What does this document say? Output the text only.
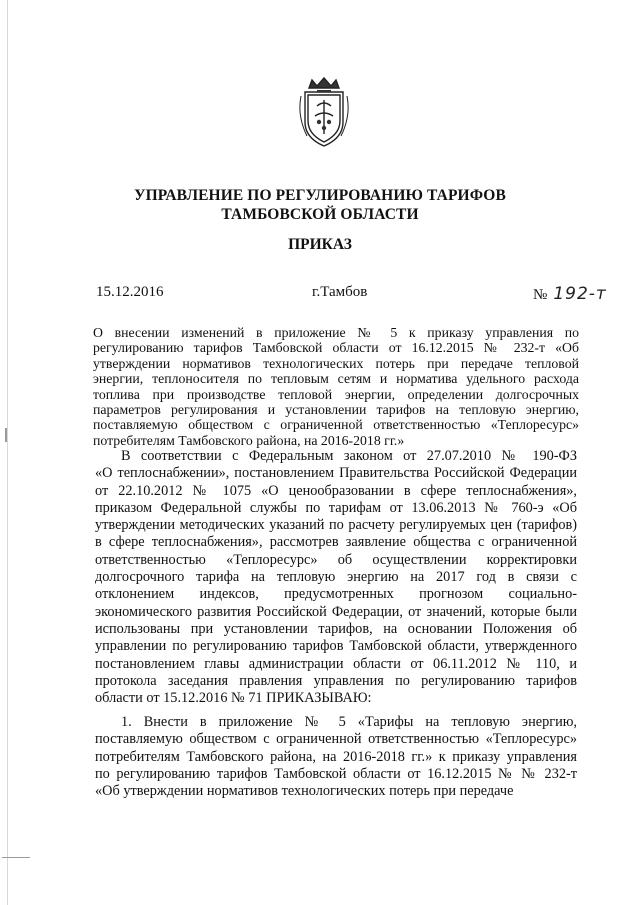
УПРАВЛЕНИЕ ПО РЕГУЛИРОВАНИЮ ТАРИФОВ
ТАМБОВСКОЙ ОБЛАСТИ
ПРИКАЗ
15.12.2016	г.Тамбов	№ 192-т
О внесении изменений в приложение № 5 к приказу управления по
регулированию тарифов Тамбовской области от 16.12.2015 № 232-т «Об
утверждении нормативов технологических потерь при передаче тепловой
энергии, теплоносителя по тепловым сетям и норматива удельного расхода
топлива при производстве тепловой энергии, определении долгосрочных
параметров регулирования и установлении тарифов на тепловую энергию,
поставляемую обществом с ограниченной ответственностью «Теплоресурс»
потребителям Тамбовского района, на 2016-2018 гг.»
В соответствии с Федеральным законом от 27.07.2010 № 190-ФЗ
«О теплоснабжении», постановлением Правительства Российской Федерации
от 22.10.2012 № 1075 «О ценообразовании в сфере теплоснабжения»,
приказом Федеральной службы по тарифам от 13.06.2013 № 760-э «Об
утверждении методических указаний по расчету регулируемых цен (тарифов)
в сфере теплоснабжения», рассмотрев заявление общества с ограниченной
ответственностью «Теплоресурс» об осуществлении корректировки
долгосрочного тарифа на тепловую энергию на 2017 год в связи с
отклонением индексов, предусмотренных прогнозом социально-
экономического развития Российской Федерации, от значений, которые были
использованы при установлении тарифов, на основании Положения об
управлении по регулированию тарифов Тамбовской области, утвержденного
постановлением главы администрации области от 06.11.2012 № 110, и
протокола заседания правления управления по регулированию тарифов
области от 15.12.2016 № 71 ПРИКАЗЫВАЮ:
1. Внести в приложение № 5 «Тарифы на тепловую энергию,
поставляемую обществом с ограниченной ответственностью «Теплоресурс»
потребителям Тамбовского района, на 2016-2018 гг.» к приказу управления
по регулированию тарифов Тамбовской области от 16.12.2015 № № 232-т
«Об утверждении нормативов технологических потерь при передаче
